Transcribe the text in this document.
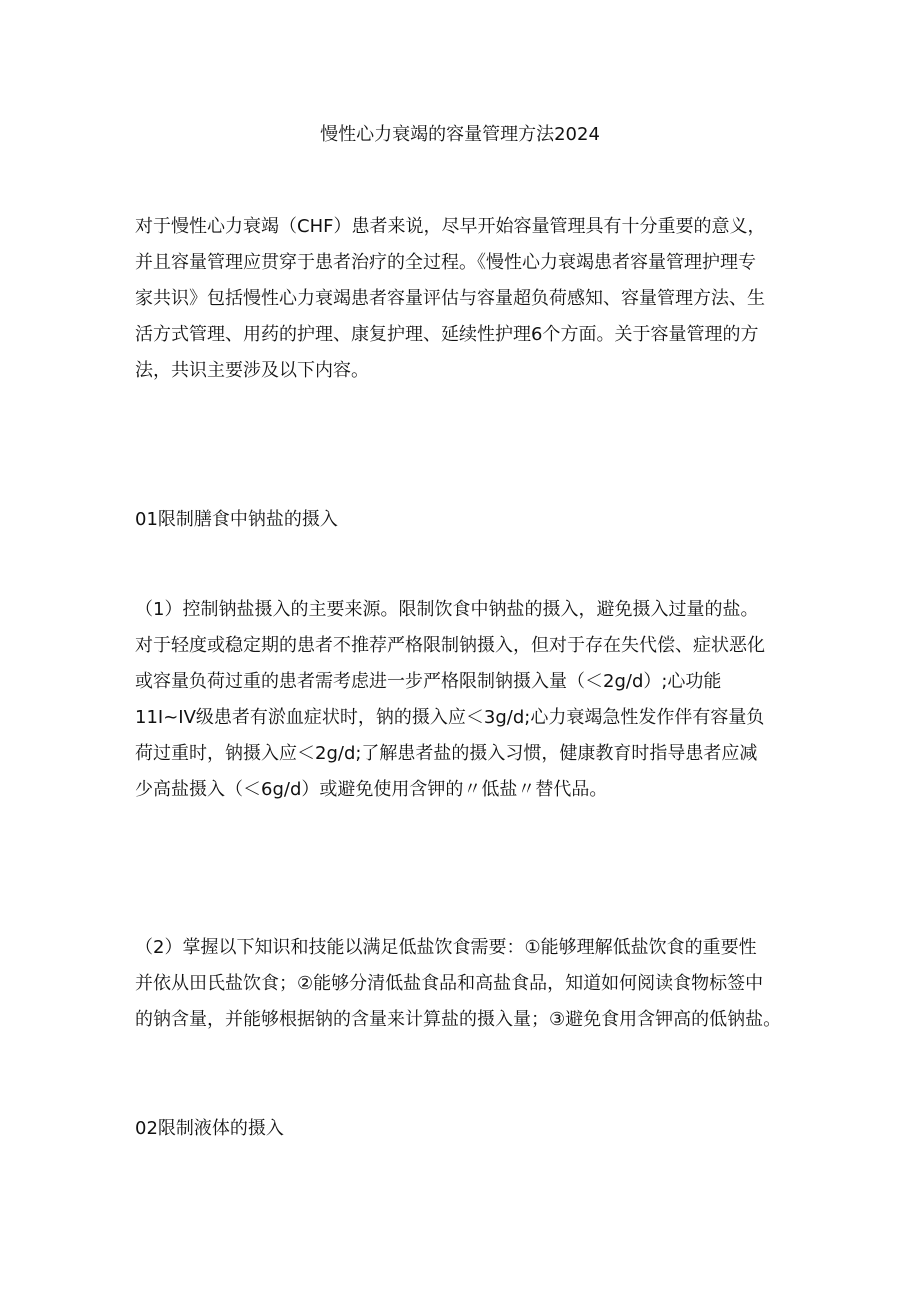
慢性心力衰竭的容量管理方法2024
对于慢性心力衰竭（CHF）患者来说，尽早开始容量管理具有十分重要的意义，
并且容量管理应贯穿于患者治疗的全过程。《慢性心力衰竭患者容量管理护理专
家共识》包括慢性心力衰竭患者容量评估与容量超负荷感知、容量管理方法、生
活方式管理、用药的护理、康复护理、延续性护理6个方面。关于容量管理的方
法，共识主要涉及以下内容。
01限制膳食中钠盐的摄入
（1）控制钠盐摄入的主要来源。限制饮食中钠盐的摄入，避免摄入过量的盐。
对于轻度或稳定期的患者不推荐严格限制钠摄入，但对于存在失代偿、症状恶化
或容量负荷过重的患者需考虑进一步严格限制钠摄入量（＜2g/d）;心功能
11I~IV级患者有淤血症状时，钠的摄入应＜3g/d;心力衰竭急性发作伴有容量负
荷过重时，钠摄入应＜2g/d;了解患者盐的摄入习惯，健康教育时指导患者应减
少高盐摄入（＜6g/d）或避免使用含钾的〃低盐〃替代品。
（2）掌握以下知识和技能以满足低盐饮食需要：①能够理解低盐饮食的重要性
并依从田氏盐饮食；②能够分清低盐食品和高盐食品，知道如何阅读食物标签中
的钠含量，并能够根据钠的含量来计算盐的摄入量；③避免食用含钾高的低钠盐。
02限制液体的摄入
